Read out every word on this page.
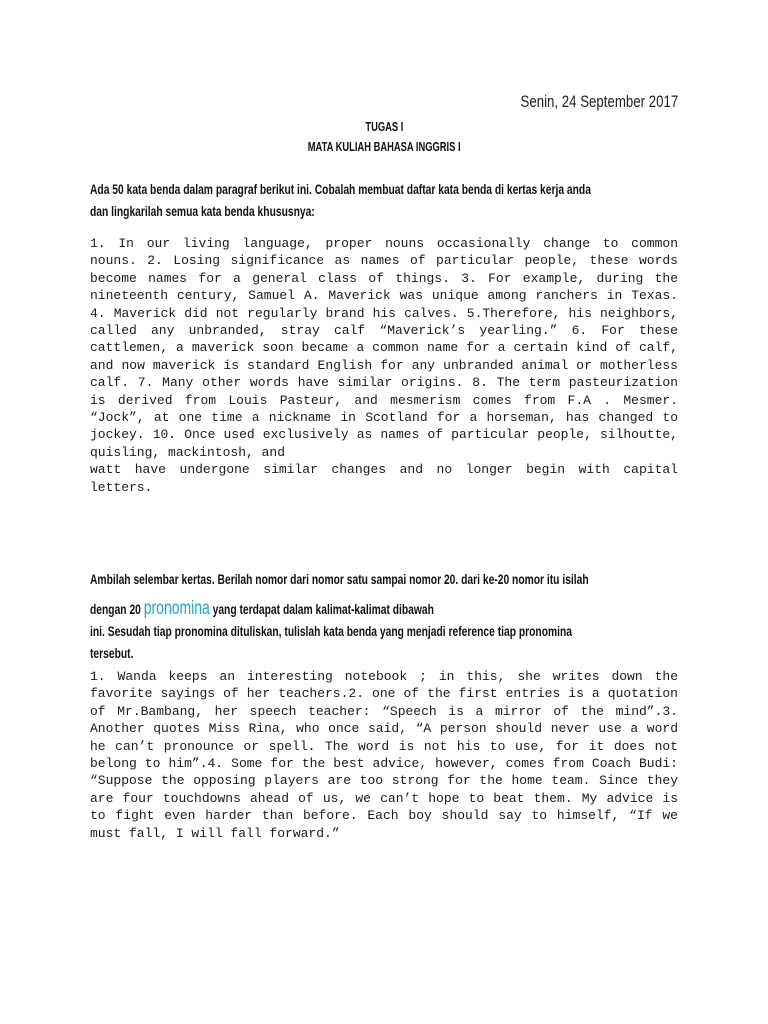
Senin, 24 September 2017
TUGAS I
MATA KULIAH BAHASA INGGRIS I
Ada 50 kata benda dalam paragraf berikut ini. Cobalah membuat daftar kata benda di kertas kerja anda
dan lingkarilah semua kata benda khususnya:
1. In our living language, proper nouns occasionally change to common nouns. 2. Losing significance as names of particular people, these words become names for a general class of things. 3. For example, during the nineteenth century, Samuel A. Maverick was unique among ranchers in Texas. 4. Maverick did not regularly brand his calves. 5.Therefore, his neighbors, called any unbranded, stray calf “Maverick’s yearling.” 6. For these cattlemen, a maverick soon became a common name for a certain kind of calf, and now maverick is standard English for any unbranded animal or motherless calf. 7. Many other words have similar origins. 8. The term pasteurization is derived from Louis Pasteur, and mesmerism comes from F.A . Mesmer. “Jock”, at one time a nickname in Scotland for a horseman, has changed to jockey. 10. Once used exclusively as names of particular people, silhoutte, quisling, mackintosh, and
watt have undergone similar changes and no longer begin with capital letters.
Ambilah selembar kertas. Berilah nomor dari nomor satu sampai nomor 20. dari ke-20 nomor itu isilah
dengan 20 pronomina yang terdapat dalam kalimat-kalimat dibawah
ini. Sesudah tiap pronomina dituliskan, tulislah kata benda yang menjadi reference tiap pronomina
tersebut.
1. Wanda keeps an interesting notebook ; in this, she writes down the favorite sayings of her teachers.2. one of the first entries is a quotation of Mr.Bambang, her speech teacher: “Speech is a mirror of the mind”.3. Another quotes Miss Rina, who once said, “A person should never use a word he can’t pronounce or spell. The word is not his to use, for it does not belong to him”.4. Some for the best advice, however, comes from Coach Budi: “Suppose the opposing players are too strong for the home team. Since they are four touchdowns ahead of us, we can’t hope to beat them. My advice is to fight even harder than before. Each boy should say to himself, “If we must fall, I will fall forward.”
